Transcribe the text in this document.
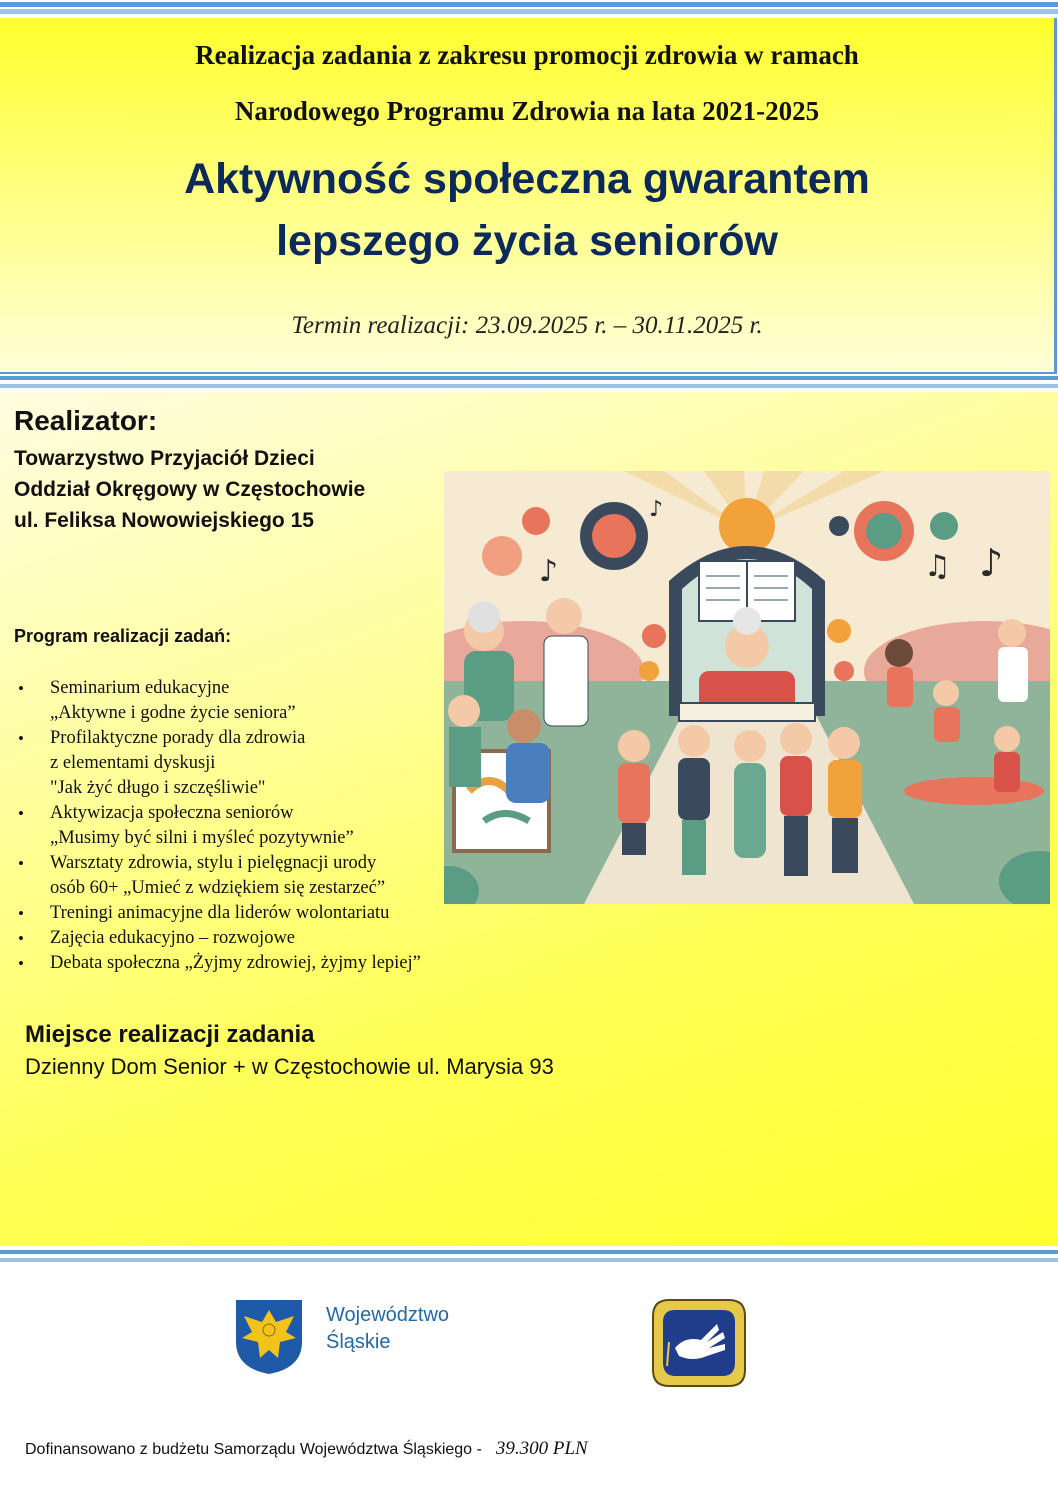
Realizacja zadania z zakresu promocji zdrowia w ramach
Narodowego Programu Zdrowia na lata 2021-2025
Aktywność społeczna gwarantem
lepszego życia seniorów
Termin realizacji: 23.09.2025 r. – 30.11.2025 r.
Realizator:
Towarzystwo Przyjaciół Dzieci
Oddział Okręgowy w Częstochowie
ul. Feliksa Nowowiejskiego 15
Program realizacji zadań:
• Seminarium edukacyjne
„Aktywne i godne życie seniora”
• Profilaktyczne porady dla zdrowia
z elementami dyskusji
"Jak żyć długo i szczęśliwie"
• Aktywizacja społeczna seniorów
„Musimy być silni i myśleć pozytywnie”
• Warsztaty zdrowia, stylu i pielęgnacji urody
osób 60+ „Umieć z wdziękiem się zestarzeć”
• Treningi animacyjne dla liderów wolontariatu
• Zajęcia edukacyjno – rozwojowe
• Debata społeczna „Żyjmy zdrowiej, żyjmy lepiej”
♪	♫ ♪
♪
Miejsce realizacji zadania
Dzienny Dom Senior + w Częstochowie ul. Marysia 93
Województwo
Śląskie
Dofinansowano z budżetu Samorządu Województwa Śląskiego - 39.300 PLN
